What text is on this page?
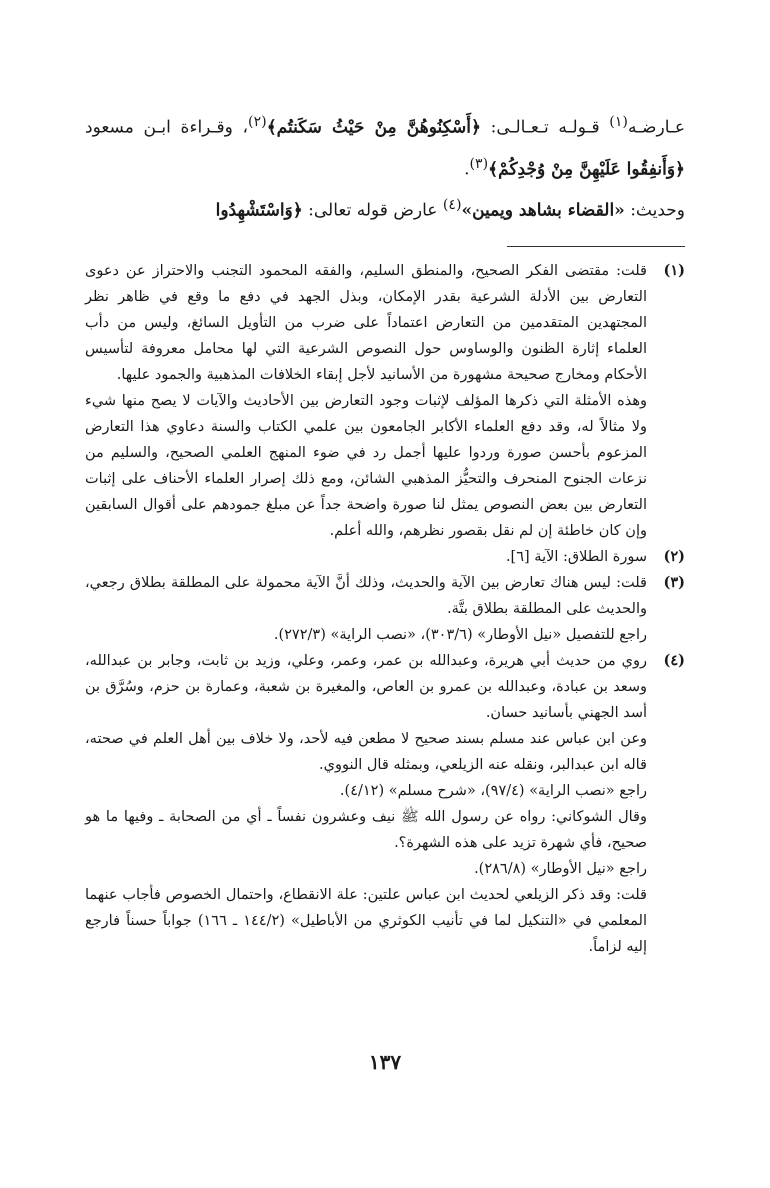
عـارضـه$^{(١)}$ قـولـه تـعـالـى: ﴿أَسْكِنُوهُنَّ مِنْ حَيْثُ سَكَنتُم﴾$^{(٢)}$، وقـراءة ابـن مسعود ﴿وَأَنفِقُوا عَلَيْهِنَّ مِنْ وُجْدِكُمْ﴾$^{(٣)}$.

وحديث: «القضاء بشاهد ويمين»$^{(٤)}$ عارض قوله تعالى: ﴿وَاسْتَشْهِدُوا

(١)

قلت: مقتضى الفكر الصحيح، والمنطق السليم، والفقه المحمود التجنب والاحتراز عن دعوى التعارض بين الأدلة الشرعية بقدر الإمكان، وبذل الجهد في دفع ما وقع في ظاهر نظر المجتهدين المتقدمين من التعارض اعتماداً على ضرب من التأويل السائغ، وليس من دأب العلماء إثارة الظنون والوساوس حول النصوص الشرعية التي لها محامل معروفة لتأسيس الأحكام ومخارج صحيحة مشهورة من الأسانيد لأجل إبقاء الخلافات المذهبية والجمود عليها.

وهذه الأمثلة التي ذكرها المؤلف لإثبات وجود التعارض بين الأحاديث والآيات لا يصح منها شيء ولا مثالاً له، وقد دفع العلماء الأكابر الجامعون بين علمي الكتاب والسنة دعاوي هذا التعارض المزعوم بأحسن صورة وردوا عليها أجمل رد في ضوء المنهج العلمي الصحيح، والسليم من نزعات الجنوح المنحرف والتحيُّز المذهبي الشائن، ومع ذلك إصرار العلماء الأحناف على إثبات التعارض بين بعض النصوص يمثل لنا صورة واضحة جداً عن مبلغ جمودهم على أقوال السابقين وإن كان خاطئة إن لم نقل بقصور نظرهم، والله أعلم.

(٢)

سورة الطلاق: الآية [٦].

(٣)

قلت: ليس هناك تعارض بين الآية والحديث، وذلك أنَّ الآية محمولة على المطلقة بطلاق رجعي، والحديث على المطلقة بطلاق بتَّة.

راجع للتفصيل «نيل الأوطار» (٣٠٣/٦)، «نصب الراية» (٢٧٢/٣).

(٤)

روي من حديث أبي هريرة، وعبدالله بن عمر، وعمر، وعلي، وزيد بن ثابت، وجابر بن عبدالله، وسعد بن عبادة، وعبدالله بن عمرو بن العاص، والمغيرة بن شعبة، وعمارة بن حزم، وسُرَّق بن أسد الجهني بأسانيد حسان.

وعن ابن عباس عند مسلم بسند صحيح لا مطعن فيه لأحد، ولا خلاف بين أهل العلم في صحته، قاله ابن عبدالبر، ونقله عنه الزيلعي، وبمثله قال النووي.

راجع «نصب الراية» (٩٧/٤)، «شرح مسلم» (٤/١٢).

وقال الشوكاني: رواه عن رسول الله ﷺ نيف وعشرون نفساً ـ أي من الصحابة ـ وفيها ما هو صحيح، فأي شهرة تزيد على هذه الشهرة؟.

راجع «نيل الأوطار» (٢٨٦/٨).

قلت: وقد ذكر الزيلعي لحديث ابن عباس علتين: علة الانقطاع، واحتمال الخصوص فأجاب عنهما المعلمي في «التنكيل لما في تأنيب الكوثري من الأباطيل» (١٤٤/٢ ـ ١٦٦) جواباً حسناً فارجع إليه لزاماً.

١٣٧
